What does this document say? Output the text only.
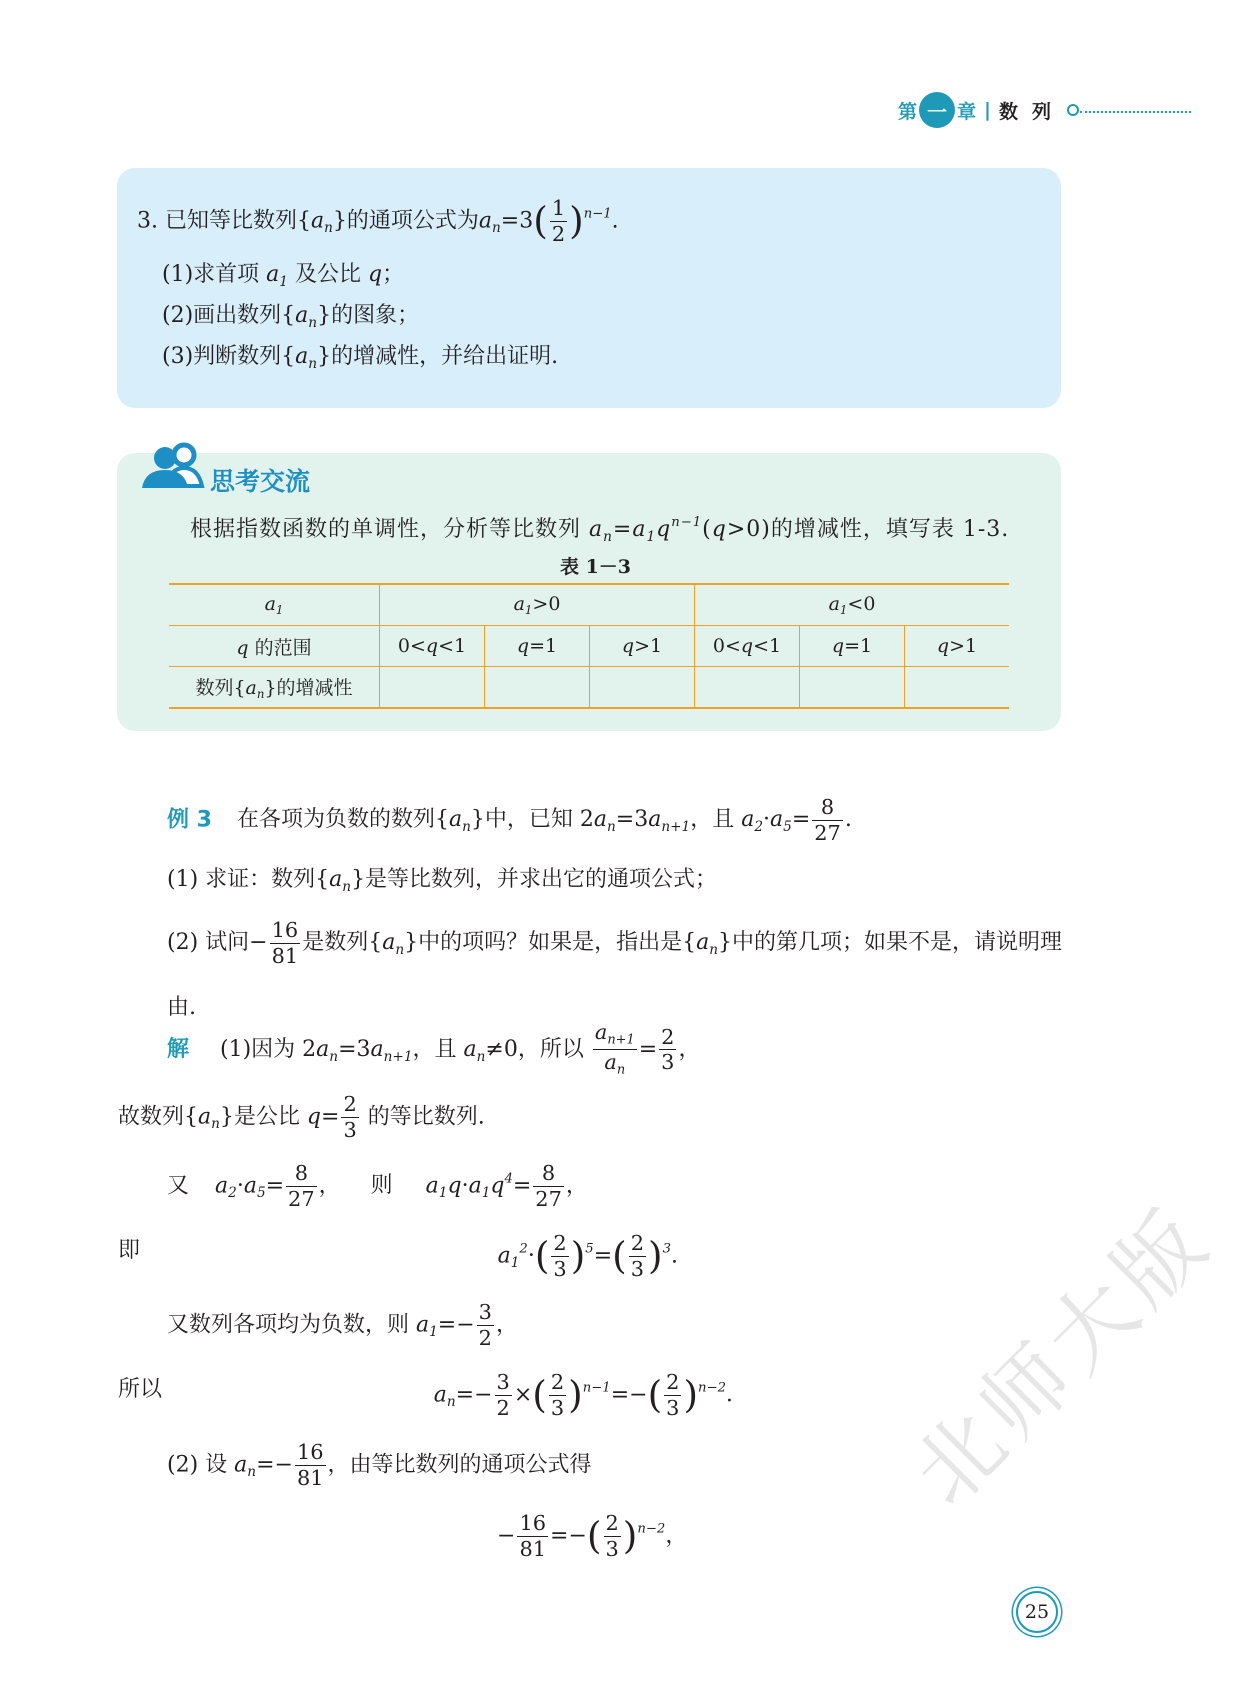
第 一 章 | 数列
3. 已知等比数列$\{a_n\}$的通项公式为$a_n=3( \frac{1}{2} )^{n-1}$.
(1)求首项 $a_1$ 及公比 q；
(2)画出数列$\{a_n\}$的图象；
(3)判断数列$\{a_n\}$的增减性，并给出证明.
思考交流
根据指数函数的单调性，分析等比数列 $a_n=a_1q^{n-1}(q>0)$的增减性，填写表 1-3.
表 1－3
$a_1$	$a_1>0$			$a_1<0$		
q 的范围	0<q<1	q=1	q>1	0<q<1	q=1	q>1
数列$\{a_n\}$的增减性						
例 3 在各项为负数的数列$\{a_n\}$中，已知 $2a_n=3a_{n+1}$，且 $a_2\cdot a_5= \frac{8}{27}$ .
(1) 求证：数列$\{a_n\}$是等比数列，并求出它的通项公式；
(2) 试问− $\frac{16}{81}$ 是数列$\{a_n\}$中的项吗？如果是，指出是$\{a_n\}$中的第几项；如果不是，请说明理由.
解 (1)因为 $2a_n=3a_{n+1}$，且 $a_n\ne 0$，所以 $\frac{a_{n+1}}{a_n} = \frac{2}{3}$ ，
故数列$\{a_n\}$是公比 $q= \frac{2}{3}$ 的等比数列.
又 $a_2\cdot a_5= \frac{8}{27}$ ， 则 $a_1q\cdot a_1q^4= \frac{8}{27}$ ，
即	$a_1^2\cdot( \frac{2}{3} )^5=( \frac{2}{3} )^3$.
又数列各项均为负数，则 $a_1=- \frac{3}{2}$ ，
所以	$a_n=- \frac{3}{2}$ ×( $\frac{2}{3} )^{n-1}=-( \frac{2}{3} )^{n-2}$．
(2) 设 $a_n=- \frac{16}{81}$ ，由等比数列的通项公式得
− $\frac{16}{81}$ =−( $\frac{2}{3} )^{n-2}$，
北师大版
25
